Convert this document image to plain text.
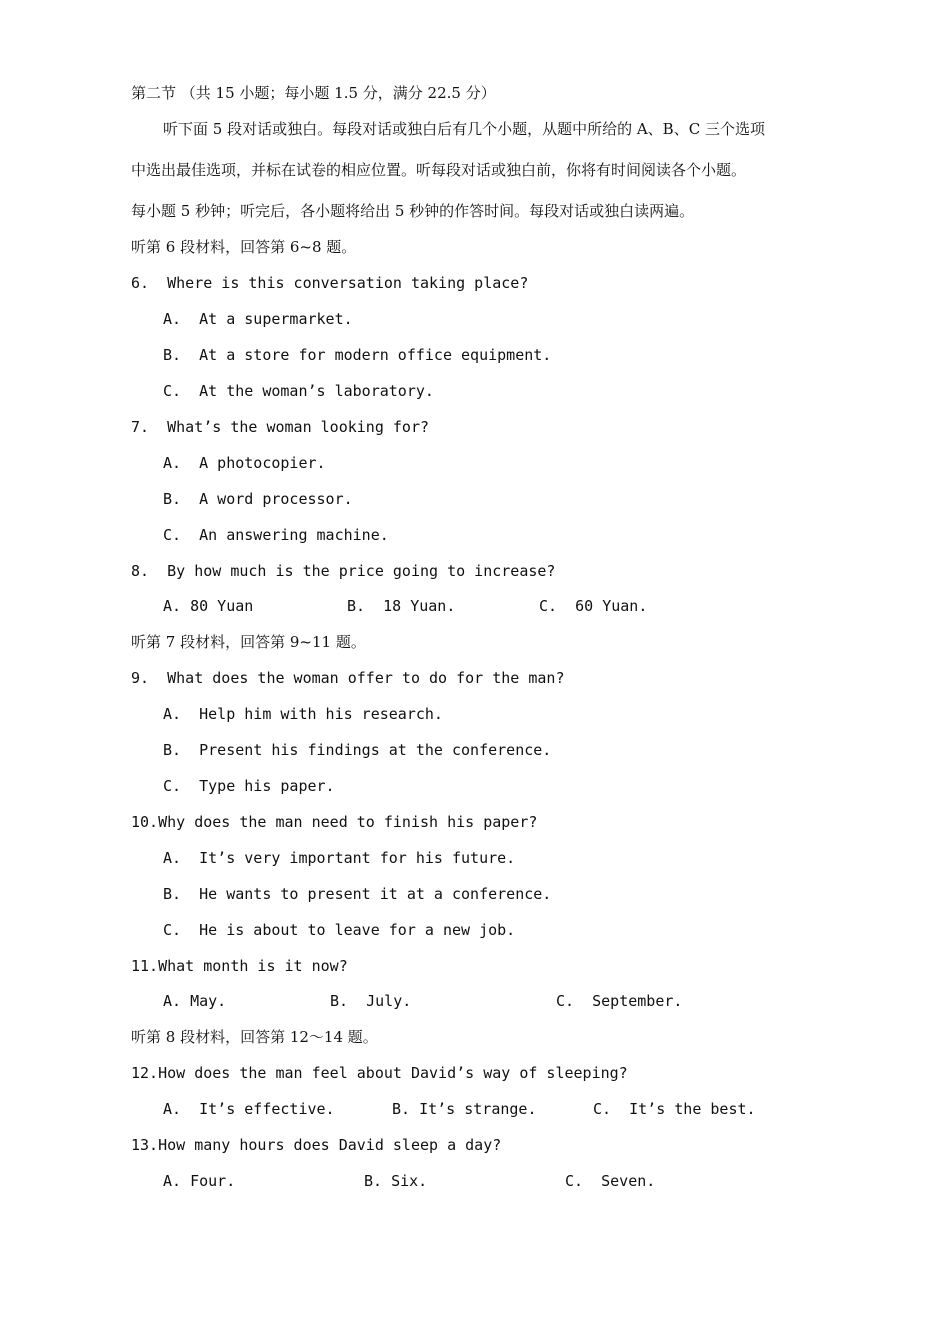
第二节 （共 15 小题；每小题 1.5 分，满分 22.5 分）
听下面 5 段对话或独白。每段对话或独白后有几个小题，从题中所给的 A、B、C 三个选项
中选出最佳选项，并标在试卷的相应位置。听每段对话或独白前，你将有时间阅读各个小题。
每小题 5 秒钟；听完后，各小题将给出 5 秒钟的作答时间。每段对话或独白读两遍。
听第 6 段材料，回答第 6~8 题。
6. Where is this conversation taking place?
A. At a supermarket.
B. At a store for modern office equipment.
C. At the woman’s laboratory.
7. What’s the woman looking for?
A. A photocopier.
B. A word processor.
C. An answering machine.
8. By how much is the price going to increase?
A. 80 Yuan	B. 18 Yuan.	C. 60 Yuan.
听第 7 段材料，回答第 9~11 题。
9. What does the woman offer to do for the man?
A. Help him with his research.
B. Present his findings at the conference.
C. Type his paper.
10.Why does the man need to finish his paper?
A. It’s very important for his future.
B. He wants to present it at a conference.
C. He is about to leave for a new job.
11.What month is it now?
A. May.	B. July.	C. September.
听第 8 段材料，回答第 12～14 题。
12.How does the man feel about David’s way of sleeping?
A. It’s effective.	B. It’s strange.	C. It’s the best.
13.How many hours does David sleep a day?
A. Four.	B. Six.	C. Seven.
